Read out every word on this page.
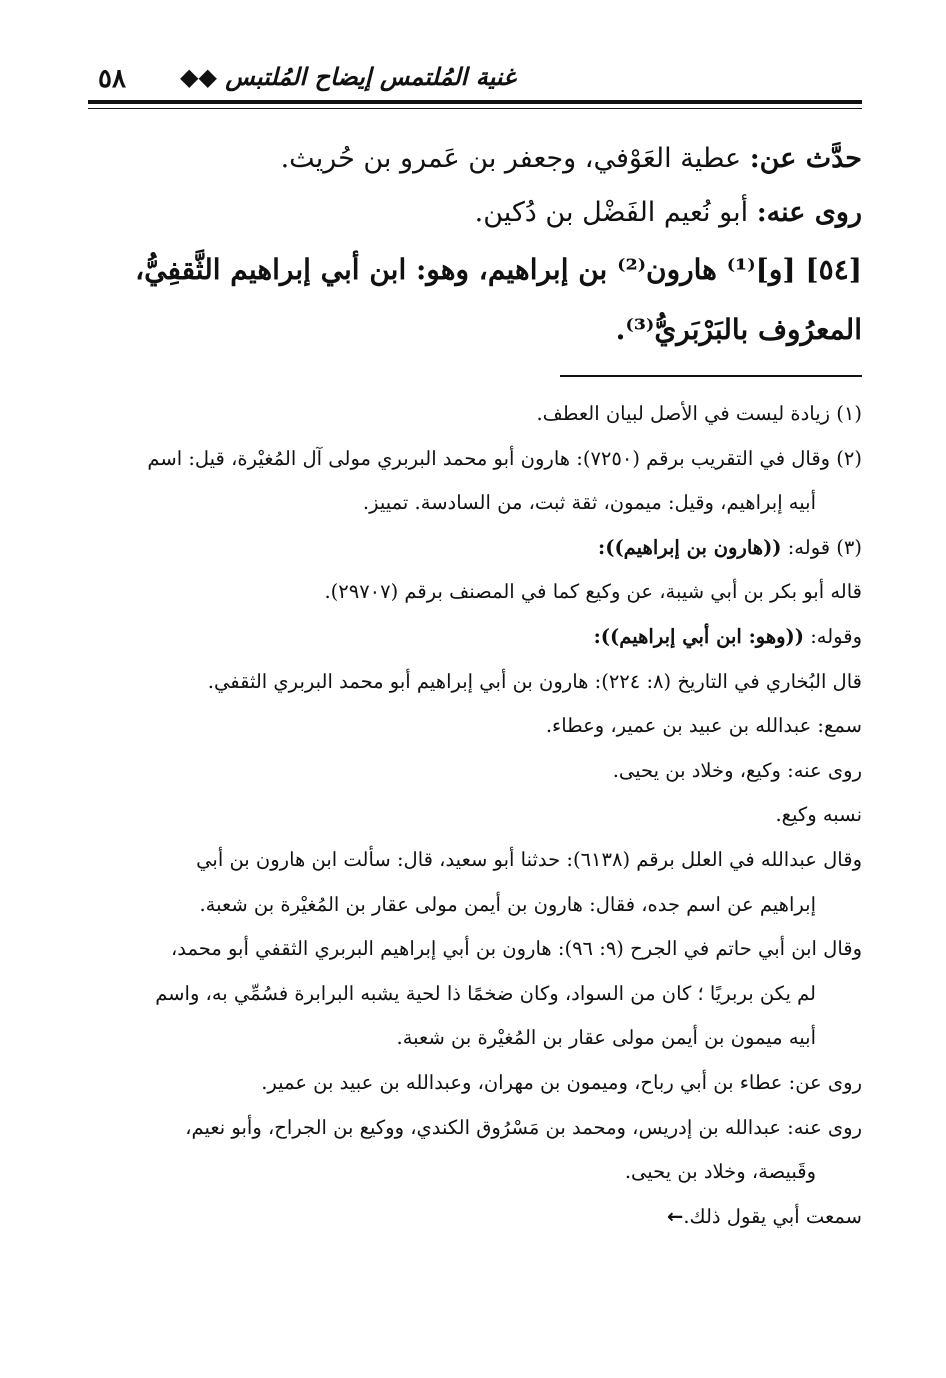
٥٨ غنية المُلتمس إيضاح المُلتبس ◆◆
حدَّث عن: عطية العَوْفي، وجعفر بن عَمرو بن حُريث.
روى عنه: أبو نُعيم الفَضْل بن دُكين.
[٥٤] [و]⁽¹⁾ هارون⁽²⁾ بن إبراهيم، وهو: ابن أبي إبراهيم الثَّقفِيُّ،
المعرُوف بالبَرْبَريُّ⁽³⁾.
(١) زيادة ليست في الأصل لبيان العطف.
(٢) وقال في التقريب برقم (٧٢٥٠): هارون أبو محمد البربري مولى آل المُغيْرة، قيل: اسم
أبيه إبراهيم، وقيل: ميمون، ثقة ثبت، من السادسة. تمييز.
(٣) قوله: ((هارون بن إبراهيم)):
قاله أبو بكر بن أبي شيبة، عن وكيع كما في المصنف برقم (٢٩٧٠٧).
وقوله: ((وهو: ابن أبي إبراهيم)):
قال البُخاري في التاريخ (٨: ٢٢٤): هارون بن أبي إبراهيم أبو محمد البربري الثقفي.
سمع: عبدالله بن عبيد بن عمير، وعطاء.
روى عنه: وكيع، وخلاد بن يحيى.
نسبه وكيع.
وقال عبدالله في العلل برقم (٦١٣٨): حدثنا أبو سعيد، قال: سألت ابن هارون بن أبي
إبراهيم عن اسم جده، فقال: هارون بن أيمن مولى عقار بن المُغيْرة بن شعبة.
وقال ابن أبي حاتم في الجرح (٩: ٩٦): هارون بن أبي إبراهيم البربري الثقفي أبو محمد،
لم يكن بربريًا ؛ كان من السواد، وكان ضخمًا ذا لحية يشبه البرابرة فسُمِّي به، واسم
أبيه ميمون بن أيمن مولى عقار بن المُغيْرة بن شعبة.
روى عن: عطاء بن أبي رباح، وميمون بن مهران، وعبدالله بن عبيد بن عمير.
روى عنه: عبدالله بن إدريس، ومحمد بن مَسْرُوق الكندي، ووكيع بن الجراح، وأبو نعيم،
وقَبيصة، وخلاد بن يحيى.
سمعت أبي يقول ذلك.←
